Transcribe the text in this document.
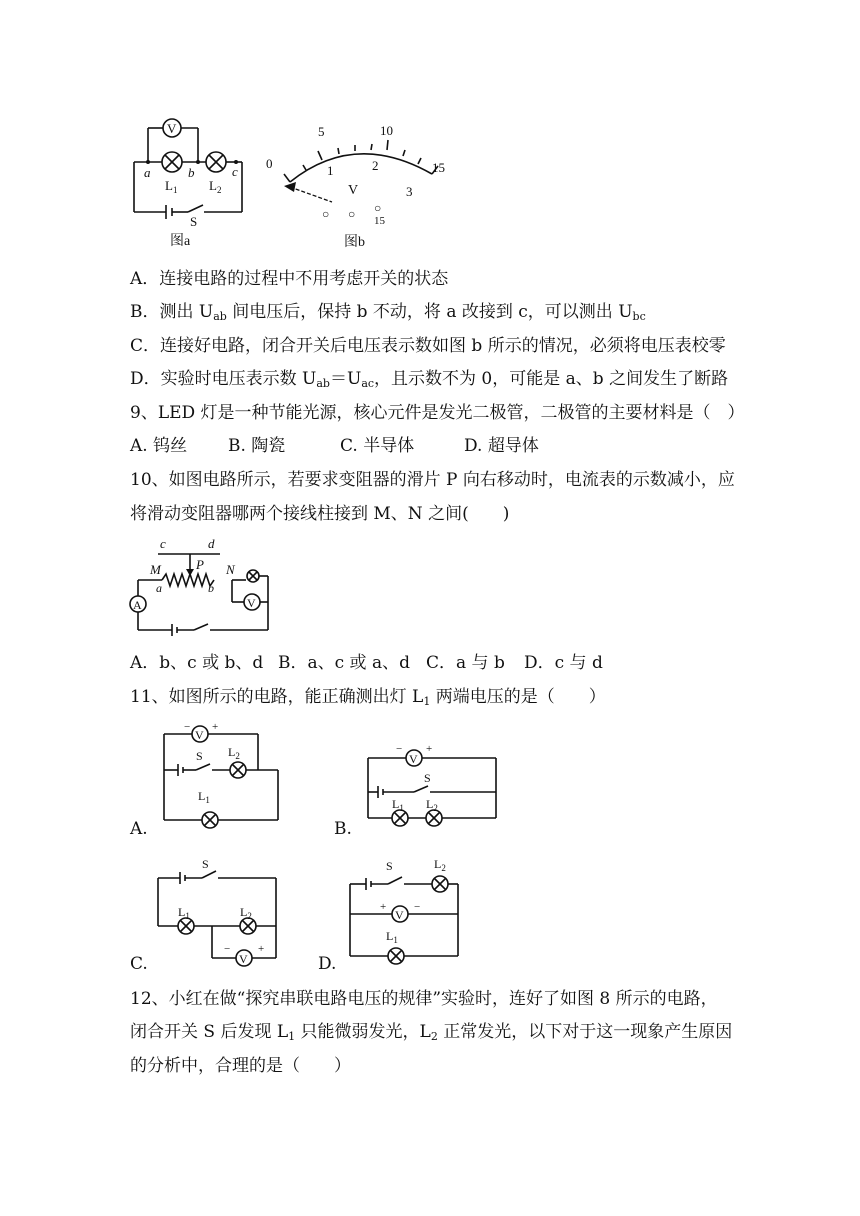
V
a	b	c
$L_1$ $L_2$
S
图a
0
5	10
15
1	2
3
V
○ ○ ○
15
图b
A．连接电路的过程中不用考虑开关的状态
B．测出 $U_{ab}$ 间电压后，保持 b 不动，将 a 改接到 c，可以测出 $U_{bc}$
C．连接好电路，闭合开关后电压表示数如图 b 所示的情况，必须将电压表校零
D．实验时电压表示数 $U_{ab}=U_{ac}$，且示数不为 0，可能是 a、b 之间发生了断路
9、LED 灯是一种节能光源，核心元件是发光二极管，二极管的主要材料是（　）
A. 钨丝 B. 陶瓷	C. 半导体	D. 超导体
10、如图电路所示，若要求变阻器的滑片 P 向右移动时，电流表的示数减小，应
将滑动变阻器哪两个接线柱接到 M、N 之间(　　)
c	d
P
M
a	b
N
V
A
A．b、c 或 b、d B．a、c 或 a、d C．a 与 b D．c 与 d
11、如图所示的电路，能正确测出灯 $L_1$ 两端电压的是（　　）
V
− +
S $L_2$
$L_1$
A.
V
− +
S
$L_1$ $L_2$
B.
S
$L_1$	$L_2$
V
−	+
C.
S	$L_2$
V
+	−
$L_1$
D.
12、小红在做“探究串联电路电压的规律”实验时，连好了如图 8 所示的电路，
闭合开关 S 后发现 $L_1$ 只能微弱发光，$L_2$ 正常发光，以下对于这一现象产生原因
的分析中，合理的是（　　）
